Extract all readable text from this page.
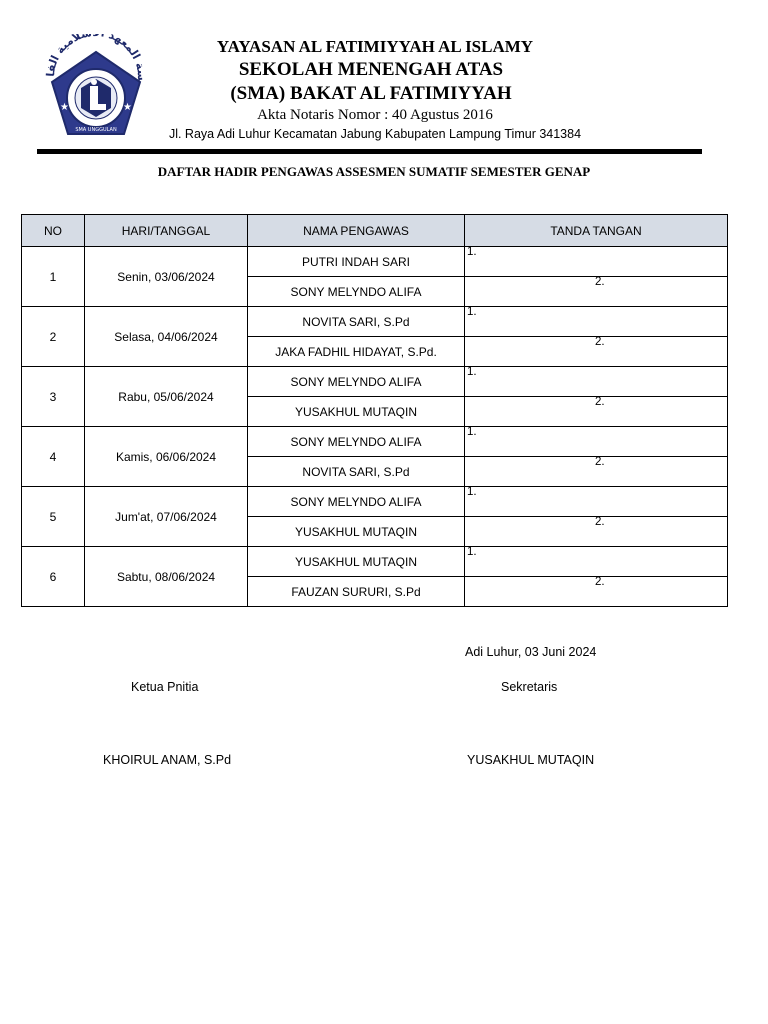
سة المعهد لامية الفا
★	★
SMA UNGGULAN
YAYASAN AL FATIMIYYAH AL ISLAMY
SEKOLAH MENENGAH ATAS
(SMA) BAKAT AL FATIMIYYAH
Akta Notaris Nomor : 40 Agustus 2016
Jl. Raya Adi Luhur Kecamatan Jabung Kabupaten Lampung Timur 341384
DAFTAR HADIR PENGAWAS ASSESMEN SUMATIF SEMESTER GENAP
NO	HARI/TANGGAL	NAMA PENGAWAS	TANDA TANGAN
1	Senin, 03/06/2024	PUTRI INDAH SARI	1.

		SONY MELYNDO ALIFA	2.

2	Selasa, 04/06/2024	NOVITA SARI, S.Pd	1.

		JAKA FADHIL HIDAYAT, S.Pd.	2.

3	Rabu, 05/06/2024	SONY MELYNDO ALIFA	1.

		YUSAKHUL MUTAQIN	2.

4	Kamis, 06/06/2024	SONY MELYNDO ALIFA	1.

		NOVITA SARI, S.Pd	2.

5	Jum'at, 07/06/2024	SONY MELYNDO ALIFA	1.

		YUSAKHUL MUTAQIN	2.

6	Sabtu, 08/06/2024	YUSAKHUL MUTAQIN	1.

		FAUZAN SURURI, S.Pd	2.
Adi Luhur, 03 Juni 2024
Ketua Pnitia	Sekretaris
KHOIRUL ANAM, S.Pd	YUSAKHUL MUTAQIN
